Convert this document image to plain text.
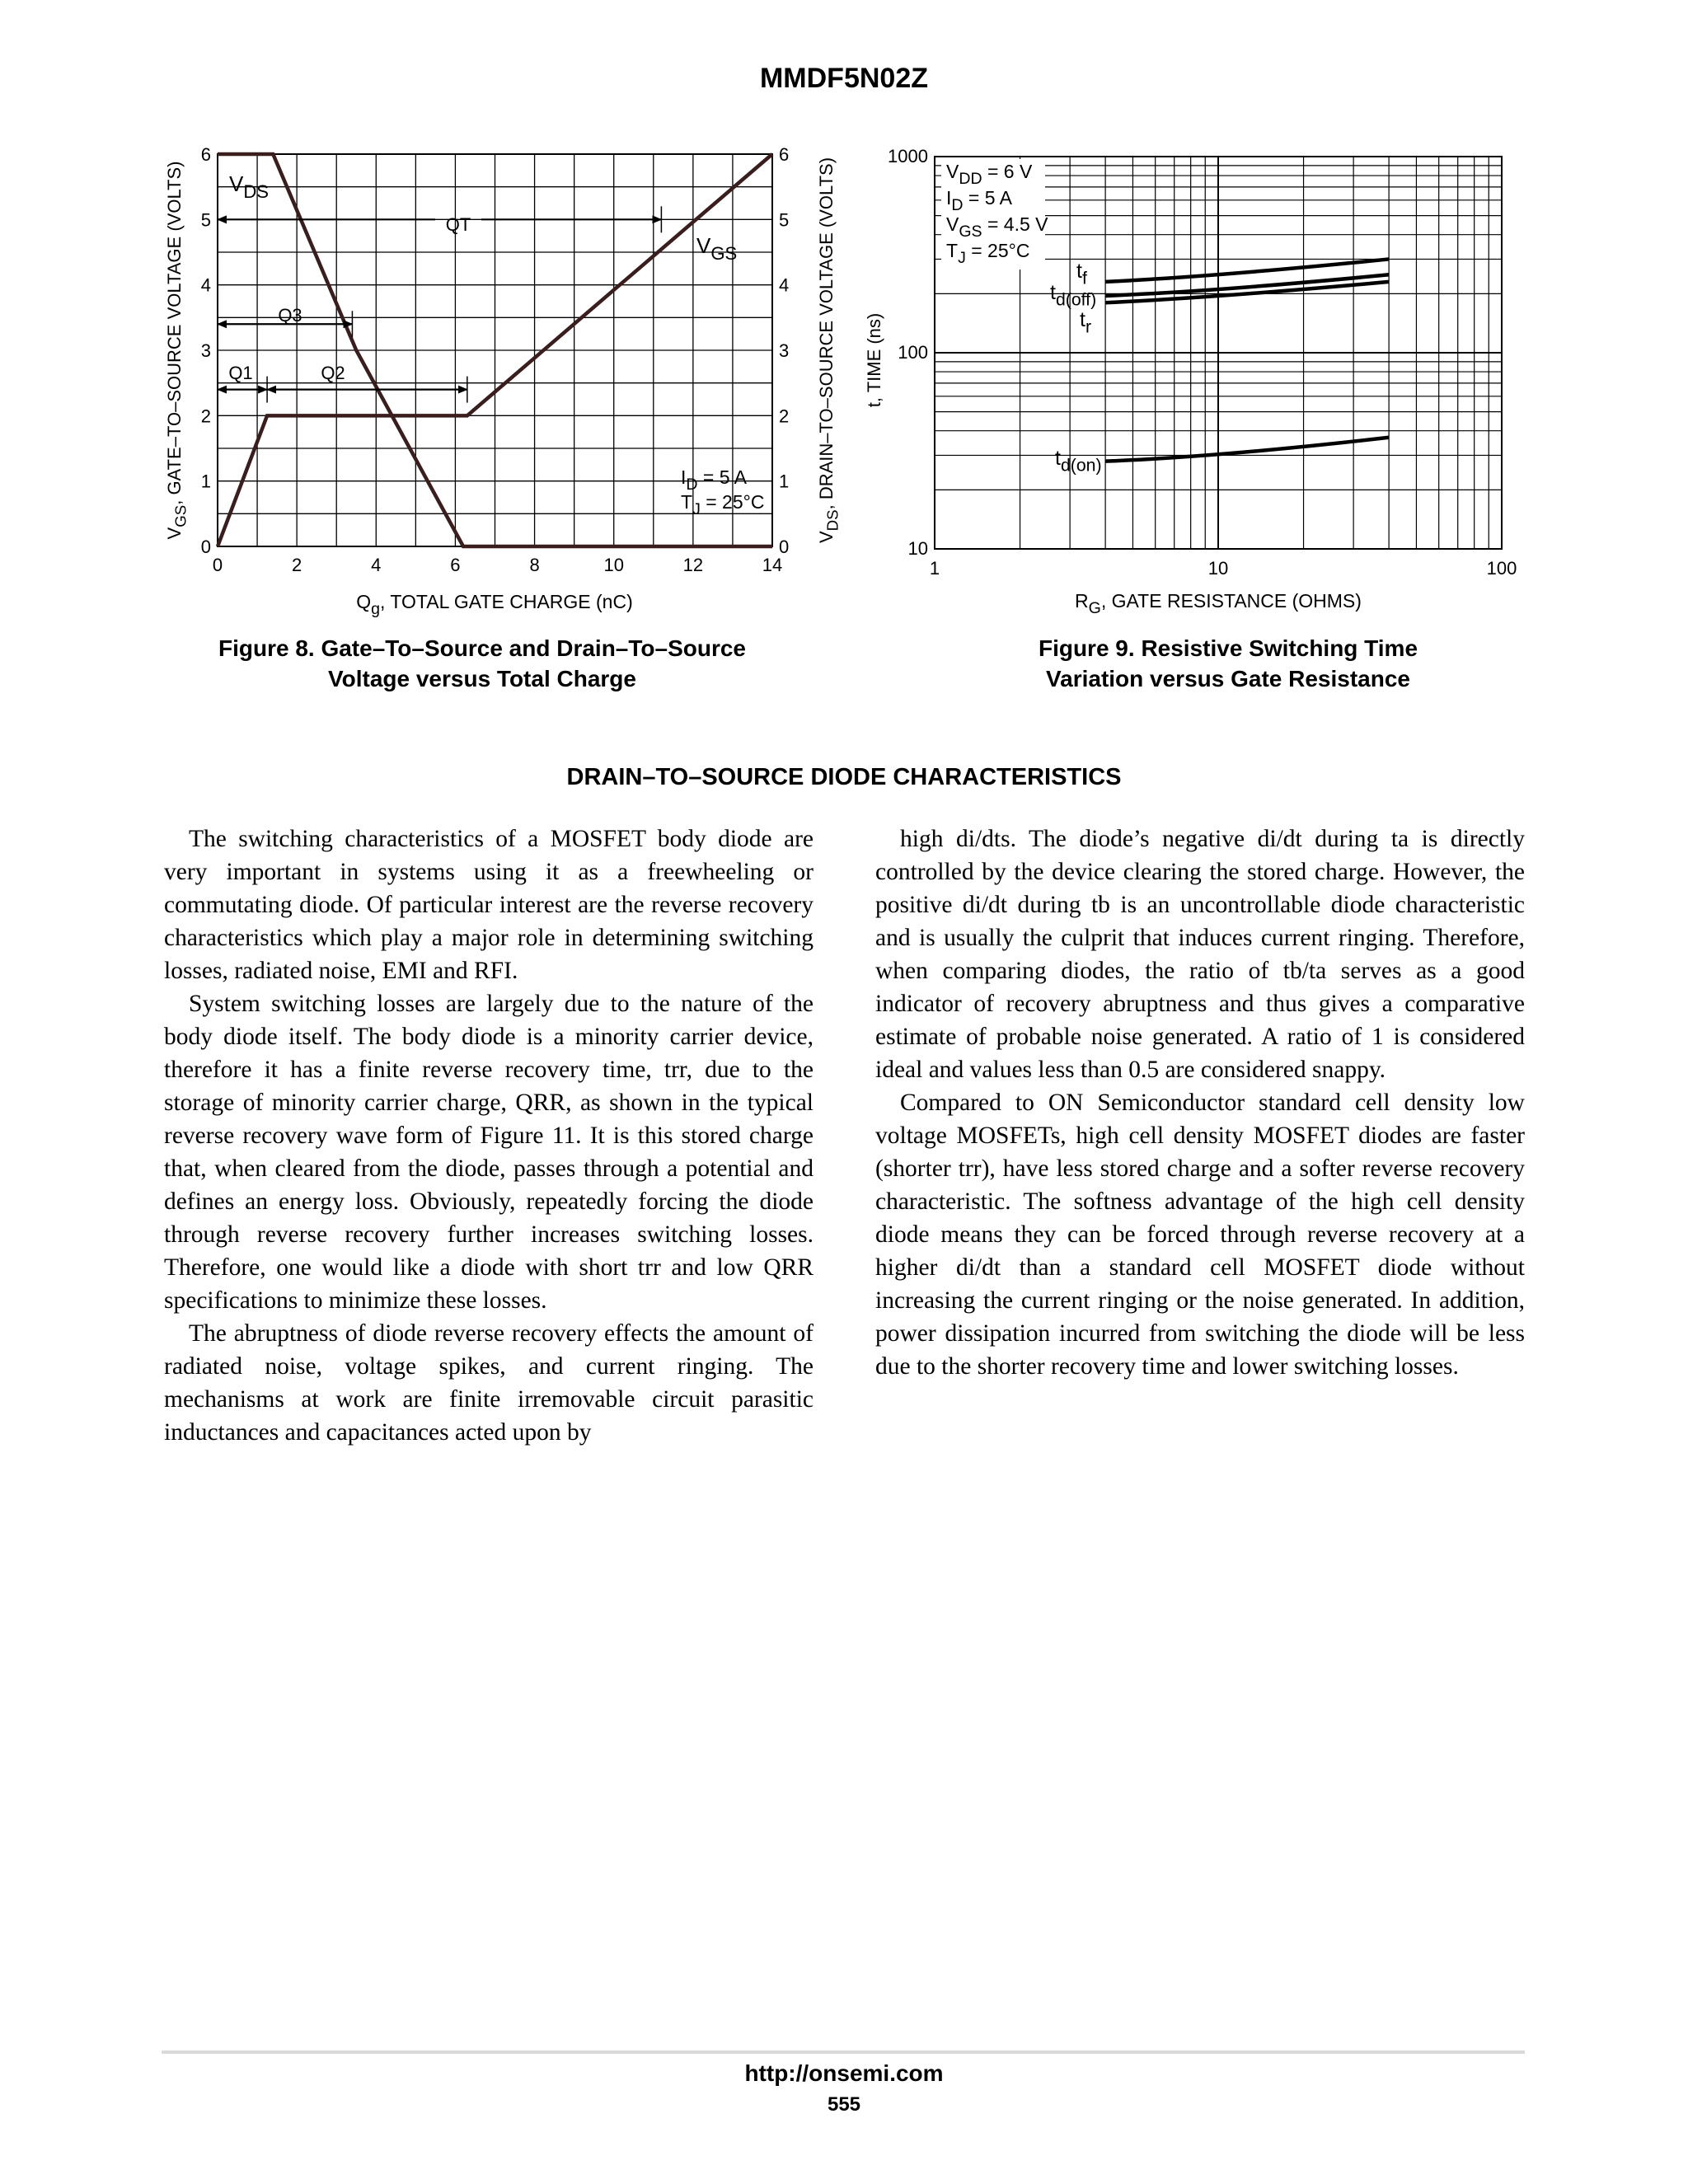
MMDF5N02Z
0	2	4	6	8	10	12	14
0	0
1	1
2	2
3	3
4	4
5	5
6	6
$Q_g$, TOTAL GATE CHARGE (nC)
$V_{GS}$, GATE–TO–SOURCE VOLTAGE (VOLTS)
$V_{DS}$, DRAIN–TO–SOURCE VOLTAGE (VOLTS)
VDS
VGS
QT
Q3
Q1	Q2
$I_D = 5$ A
$T_J = 25^\circ C$
1	10	100
10
100
1000
$R_G$, GATE RESISTANCE (OHMS)
t, TIME (ns)
$t_f$
$t_{d(off)}$
$t_r$
$t_{d(on)}$
$V_{DD} = 6$ V
$I_D = 5$ A
$V_{GS} = 4.5$ V
$T_J = 25^\circ C$
Figure 8. Gate–To–Source and Drain–To–Source
Voltage versus Total Charge
Figure 9. Resistive Switching Time
Variation versus Gate Resistance
DRAIN–TO–SOURCE DIODE CHARACTERISTICS

The switching characteristics of a MOSFET body diode are very important in systems using it as a freewheeling or commutating diode. Of particular interest are the reverse recovery characteristics which play a major role in determining switching losses, radiated noise, EMI and RFI.

System switching losses are largely due to the nature of the body diode itself. The body diode is a minority carrier device, therefore it has a finite reverse recovery time, trr, due to the storage of minority carrier charge, QRR, as shown in the typical reverse recovery wave form of Figure 11. It is this stored charge that, when cleared from the diode, passes through a potential and defines an energy loss. Obviously, repeatedly forcing the diode through reverse recovery further increases switching losses. Therefore, one would like a diode with short trr and low QRR specifications to minimize these losses.

The abruptness of diode reverse recovery effects the amount of radiated noise, voltage spikes, and current ringing. The mechanisms at work are finite irremovable circuit parasitic inductances and capacitances acted upon by

high di/dts. The diode’s negative di/dt during ta is directly controlled by the device clearing the stored charge. However, the positive di/dt during tb is an uncontrollable diode characteristic and is usually the culprit that induces current ringing. Therefore, when comparing diodes, the ratio of tb/ta serves as a good indicator of recovery abruptness and thus gives a comparative estimate of probable noise generated. A ratio of 1 is considered ideal and values less than 0.5 are considered snappy.

Compared to ON Semiconductor standard cell density low voltage MOSFETs, high cell density MOSFET diodes are faster (shorter trr), have less stored charge and a softer reverse recovery characteristic. The softness advantage of the high cell density diode means they can be forced through reverse recovery at a higher di/dt than a standard cell MOSFET diode without increasing the current ringing or the noise generated. In addition, power dissipation incurred from switching the diode will be less due to the shorter recovery time and lower switching losses.

http://onsemi.com
555
